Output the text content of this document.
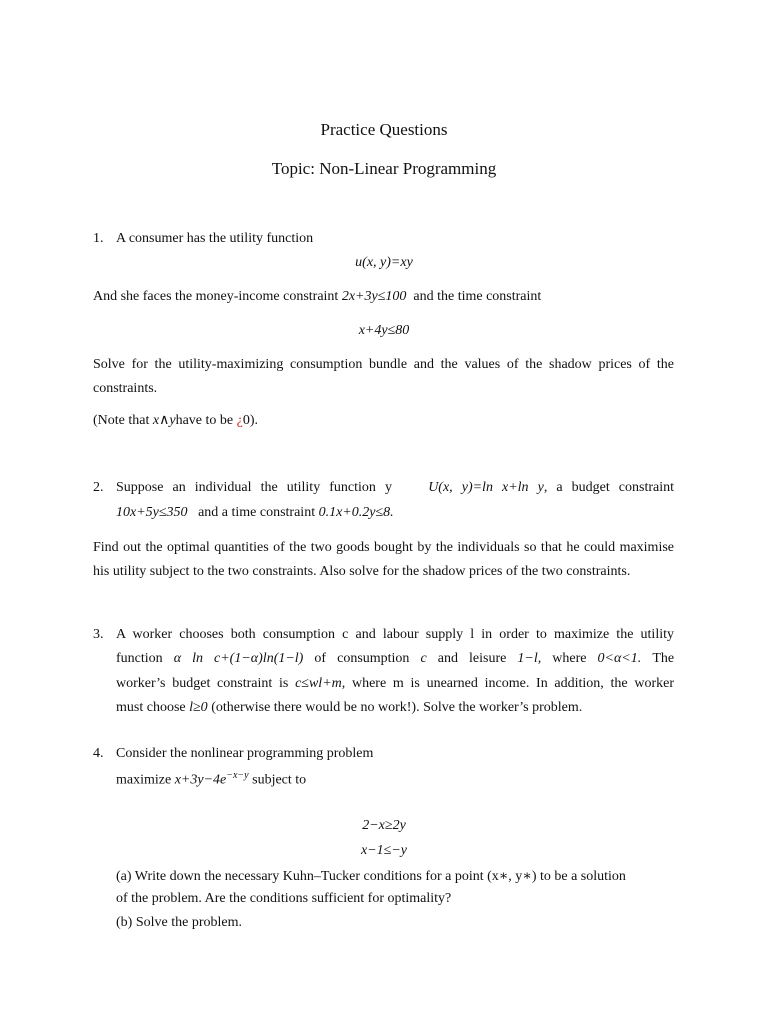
Practice Questions
Topic: Non-Linear Programming
1. A consumer has the utility function
u(x, y)=xy
And she faces the money-income constraint 2x+3y≤100 and the time constraint
x+4y≤80
Solve for the utility-maximizing consumption bundle and the values of the shadow prices of the constraints.
(Note that x∧yhave to be ¿0).
2. Suppose an individual the utility function y	U(x, y)=ln x+ln y, a budget constraint
10x+5y≤350 and a time constraint 0.1x+0.2y≤8.
Find out the optimal quantities of the two goods bought by the individuals so that he could maximise his utility subject to the two constraints. Also solve for the shadow prices of the two constraints.
3. A worker chooses both consumption c and labour supply l in order to maximize the utility
function α ln c+(1−α)ln(1−l) of consumption c and leisure 1−l, where 0<α<1. The
worker’s budget constraint is c≤wl+m, where m is unearned income. In addition, the worker
must choose l≥0 (otherwise there would be no work!). Solve the worker’s problem.
4. Consider the nonlinear programming problem
maximize $x+3y-4e^{-x-y}$ subject to
2−x≥2y
x−1≤−y
(a) Write down the necessary Kuhn–Tucker conditions for a point (x∗, y∗) to be a solution
of the problem. Are the conditions sufficient for optimality?
(b) Solve the problem.
